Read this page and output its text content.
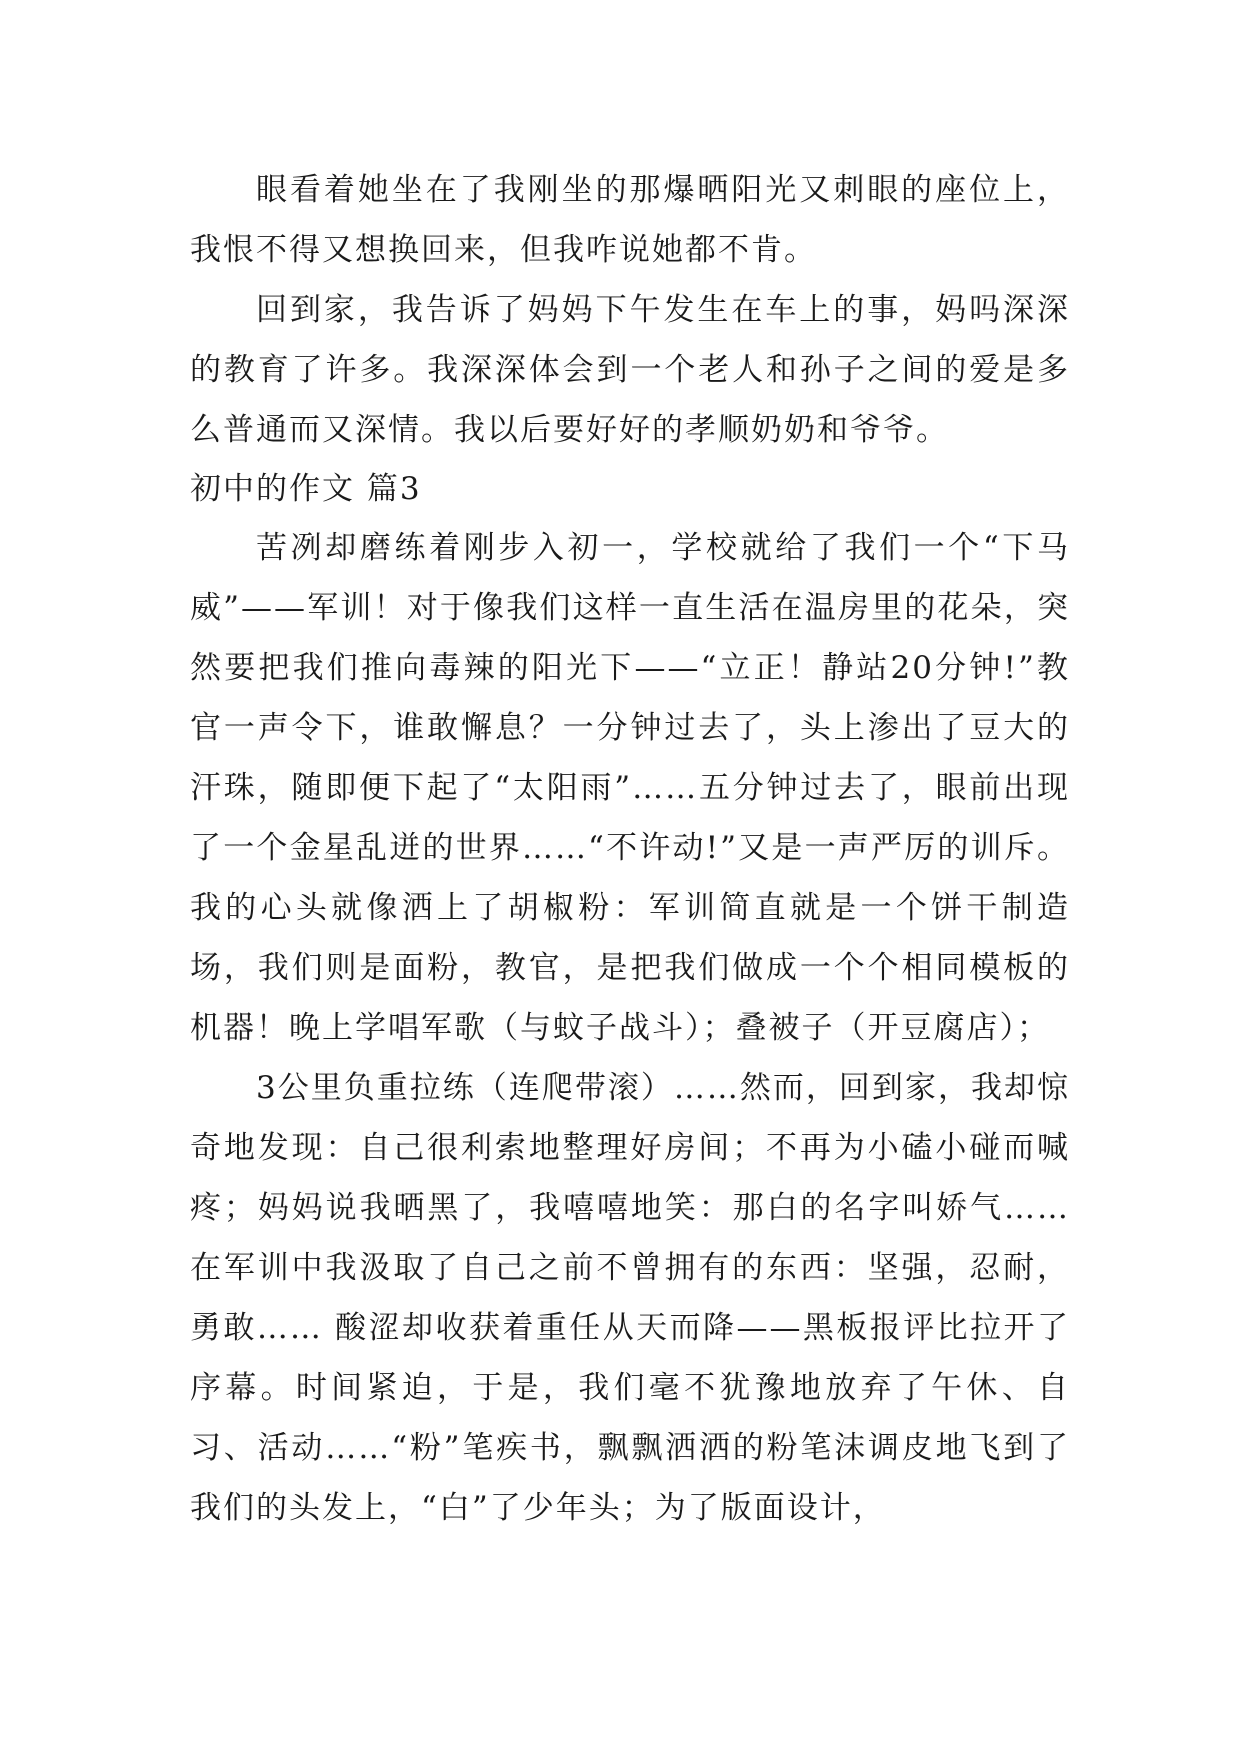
眼看着她坐在了我刚坐的那爆晒阳光又刺眼的座位上，我恨不得又想换回来，但我咋说她都不肯。

回到家，我告诉了妈妈下午发生在车上的事，妈吗深深的教育了许多。我深深体会到一个老人和孙子之间的爱是多么普通而又深情。我以后要好好的孝顺奶奶和爷爷。

初中的作文 篇3

苦冽却磨练着刚步入初一，学校就给了我们一个“下马威”——军训！对于像我们这样一直生活在温房里的花朵，突然要把我们推向毒辣的阳光下——“立正！静站20分钟!”教官一声令下，谁敢懈息？一分钟过去了，头上渗出了豆大的汗珠，随即便下起了“太阳雨”……五分钟过去了，眼前出现了一个金星乱迸的世界……“不许动!”又是一声严厉的训斥。我的心头就像洒上了胡椒粉：军训简直就是一个饼干制造场，我们则是面粉，教官，是把我们做成一个个相同模板的机器！晚上学唱军歌（与蚊子战斗）；叠被子（开豆腐店）；

3公里负重拉练（连爬带滚）……然而，回到家，我却惊奇地发现：自己很利索地整理好房间；不再为小磕小碰而喊疼；妈妈说我晒黑了，我嘻嘻地笑：那白的名字叫娇气……在军训中我汲取了自己之前不曾拥有的东西：坚强，忍耐，勇敢…… 酸涩却收获着重任从天而降——黑板报评比拉开了序幕。时间紧迫，于是，我们毫不犹豫地放弃了午休、自习、活动……“粉”笔疾书，飘飘洒洒的粉笔沫调皮地飞到了我们的头发上，“白”了少年头；为了版面设计，
